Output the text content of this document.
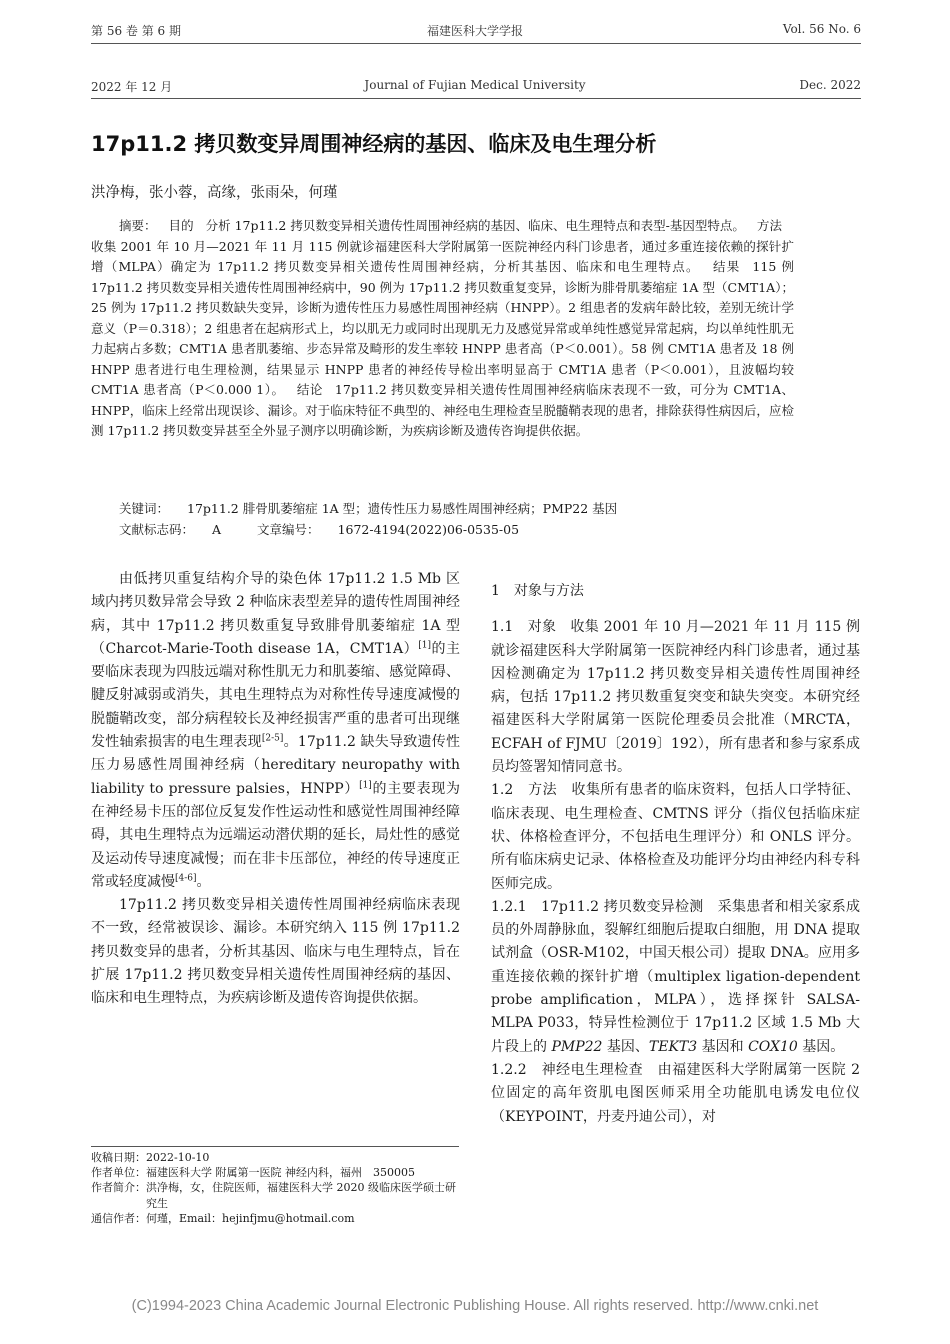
第 56 卷 第 6 期	福建医科大学学报	Vol. 56 No. 6
2022 年 12 月	Journal of Fujian Medical University	Dec. 2022
17p11.2 拷贝数变异周围神经病的基因、临床及电生理分析
洪净梅，张小蓉，高缘，张雨朵，何瑾
摘要： 目的 分析 17p11.2 拷贝数变异相关遗传性周围神经病的基因、临床、电生理特点和表型-基因型特点。 方法收集 2001 年 10 月—2021 年 11 月 115 例就诊福建医科大学附属第一医院神经内科门诊患者，通过多重连接依赖的探针扩增（MLPA）确定为 17p11.2 拷贝数变异相关遗传性周围神经病，分析其基因、临床和电生理特点。 结果 115 例 17p11.2 拷贝数变异相关遗传性周围神经病中，90 例为 17p11.2 拷贝数重复变异，诊断为腓骨肌萎缩症 1A 型（CMT1A）；25 例为 17p11.2 拷贝数缺失变异，诊断为遗传性压力易感性周围神经病（HNPP）。2 组患者的发病年龄比较，差别无统计学意义（P＝0.318）；2 组患者在起病形式上，均以肌无力或同时出现肌无力及感觉异常或单纯性感觉异常起病，均以单纯性肌无力起病占多数；CMT1A 患者肌萎缩、步态异常及畸形的发生率较 HNPP 患者高（P＜0.001）。58 例 CMT1A 患者及 18 例 HNPP 患者进行电生理检测，结果显示 HNPP 患者的神经传导检出率明显高于 CMT1A 患者（P＜0.001），且波幅均较 CMT1A 患者高（P＜0.000 1）。 结论 17p11.2 拷贝数变异相关遗传性周围神经病临床表现不一致，可分为 CMT1A、HNPP，临床上经常出现误诊、漏诊。对于临床特征不典型的、神经电生理检查呈脱髓鞘表现的患者，排除获得性病因后，应检测 17p11.2 拷贝数变异甚至全外显子测序以明确诊断，为疾病诊断及遗传咨询提供依据。
关键词： 17p11.2 腓骨肌萎缩症 1A 型；遗传性压力易感性周围神经病；PMP22 基因
文献标志码： A	文章编号： 1672-4194(2022)06-0535-05

由低拷贝重复结构介导的染色体 17p11.2 1.5 Mb 区域内拷贝数异常会导致 2 种临床表型差异的遗传性周围神经病，其中 17p11.2 拷贝数重复导致腓骨肌萎缩症 1A 型（Charcot-Marie-Tooth disease 1A，CMT1A）[1]的主要临床表现为四肢远端对称性肌无力和肌萎缩、感觉障碍、腱反射减弱或消失，其电生理特点为对称性传导速度减慢的脱髓鞘改变，部分病程较长及神经损害严重的患者可出现继发性轴索损害的电生理表现[2-5]。17p11.2 缺失导致遗传性压力易感性周围神经病（hereditary neuropathy with liability to pressure palsies，HNPP）[1]的主要表现为在神经易卡压的部位反复发作性运动性和感觉性周围神经障碍，其电生理特点为远端运动潜伏期的延长，局灶性的感觉及运动传导速度减慢；而在非卡压部位，神经的传导速度正常或轻度减慢[4-6]。

17p11.2 拷贝数变异相关遗传性周围神经病临床表现不一致，经常被误诊、漏诊。本研究纳入 115 例 17p11.2 拷贝数变异的患者，分析其基因、临床与电生理特点，旨在扩展 17p11.2 拷贝数变异相关遗传性周围神经病的基因、临床和电生理特点，为疾病诊断及遗传咨询提供依据。

收稿日期： 2022-10-10
作者单位： 福建医科大学 附属第一医院 神经内科，福州　350005
作者简介： 洪净梅，女，住院医师，福建医科大学 2020 级临床医学硕士研究生
通信作者： 何瑾，Email：hejinfjmu@hotmail.com

1　对象与方法

1.1　对象　 收集 2001 年 10 月—2021 年 11 月 115 例就诊福建医科大学附属第一医院神经内科门诊患者，通过基因检测确定为 17p11.2 拷贝数变异相关遗传性周围神经病，包括 17p11.2 拷贝数重复突变和缺失突变。本研究经福建医科大学附属第一医院伦理委员会批准（MRCTA，ECFAH of FJMU〔2019〕192），所有患者和参与家系成员均签署知情同意书。

1.2　方法　 收集所有患者的临床资料，包括人口学特征、临床表现、电生理检查、CMTNS 评分（指仪包括临床症状、体格检查评分，不包括电生理评分）和 ONLS 评分。所有临床病史记录、体格检查及功能评分均由神经内科专科医师完成。

1.2.1　17p11.2 拷贝数变异检测　 采集患者和相关家系成员的外周静脉血，裂解红细胞后提取白细胞，用 DNA 提取试剂盒（OSR-M102，中国天根公司）提取 DNA。应用多重连接依赖的探针扩增（multiplex ligation-dependent probe amplification，MLPA），选择探针 SALSA-MLPA P033，特异性检测位于 17p11.2 区域 1.5 Mb 大片段上的 PMP22 基因、TEKT3 基因和 COX10 基因。

1.2.2　神经电生理检查　 由福建医科大学附属第一医院 2 位固定的高年资肌电图医师采用全功能肌电诱发电位仪（KEYPOINT，丹麦丹迪公司），对

(C)1994-2023 China Academic Journal Electronic Publishing House. All rights reserved. http://www.cnki.net
